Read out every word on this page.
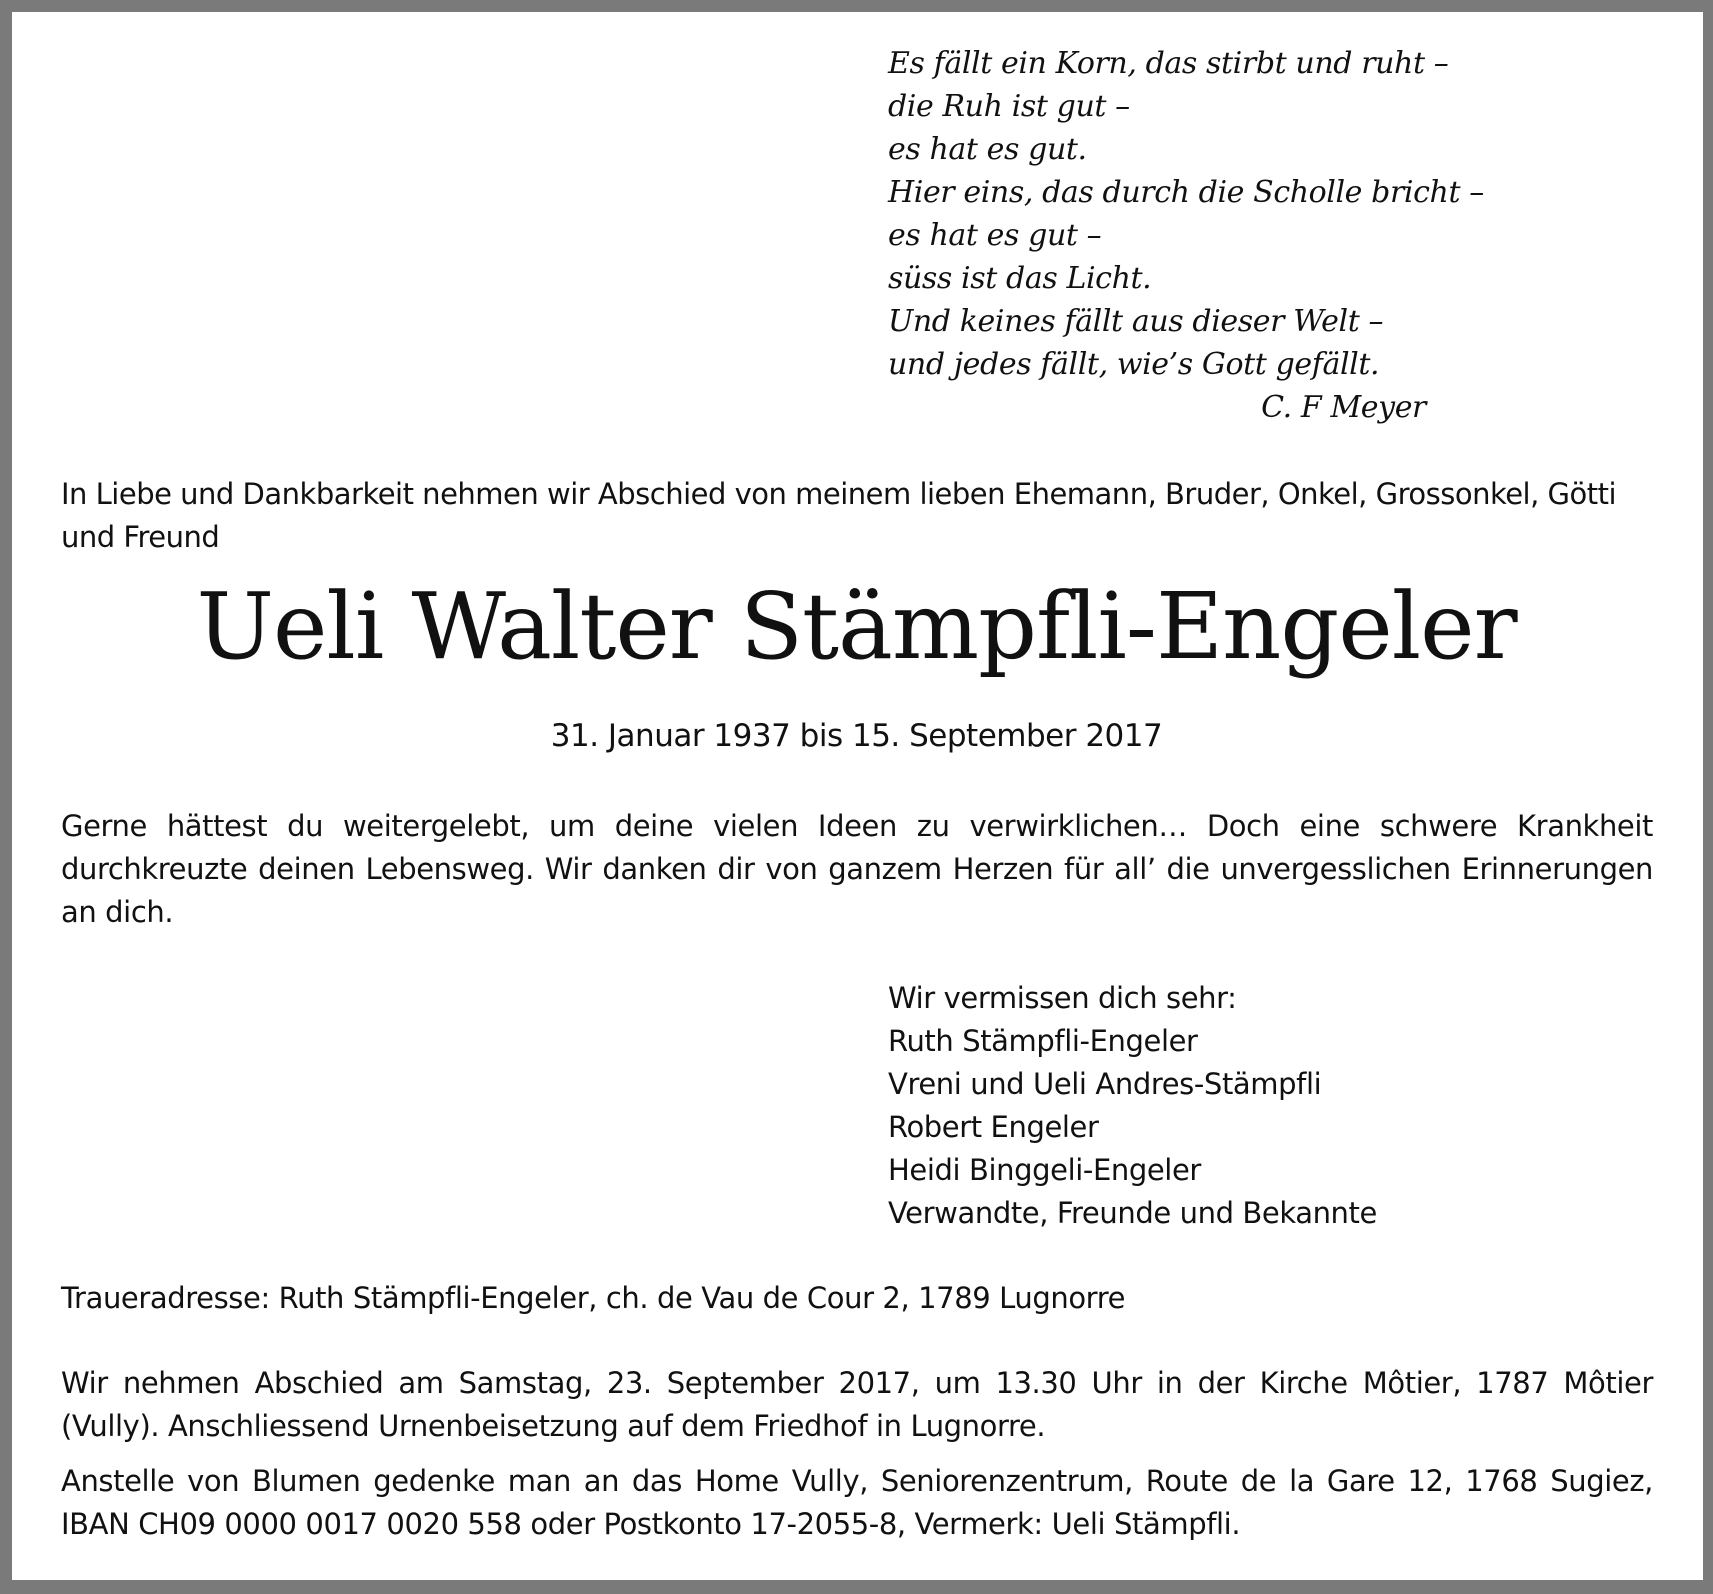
Es fällt ein Korn, das stirbt und ruht –
die Ruh ist gut –
es hat es gut.
Hier eins, das durch die Scholle bricht –
es hat es gut –
süss ist das Licht.
Und keines fällt aus dieser Welt –
und jedes fällt, wie’s Gott gefällt.
C. F Meyer
In Liebe und Dankbarkeit nehmen wir Abschied von meinem lieben Ehemann, Bruder, Onkel, Grossonkel, Götti und Freund
Ueli Walter Stämpfli-Engeler
31. Januar 1937 bis 15. September 2017
Gerne hättest du weitergelebt, um deine vielen Ideen zu verwirklichen… Doch eine schwere Krankheit durchkreuzte deinen Lebensweg. Wir danken dir von ganzem Herzen für all’ die unvergesslichen Erinnerungen an dich.
Wir vermissen dich sehr:
Ruth Stämpfli-Engeler
Vreni und Ueli Andres-Stämpfli
Robert Engeler
Heidi Binggeli-Engeler
Verwandte, Freunde und Bekannte
Traueradresse: Ruth Stämpfli-Engeler, ch. de Vau de Cour 2, 1789 Lugnorre
Wir nehmen Abschied am Samstag, 23. September 2017, um 13.30 Uhr in der Kirche Môtier, 1787 Môtier (Vully). Anschliessend Urnenbeisetzung auf dem Friedhof in Lugnorre.
Anstelle von Blumen gedenke man an das Home Vully, Seniorenzentrum, Route de la Gare 12, 1768 Sugiez, IBAN CH09 0000 0017 0020 558 oder Postkonto 17-2055-8, Vermerk: Ueli Stämpfli.
